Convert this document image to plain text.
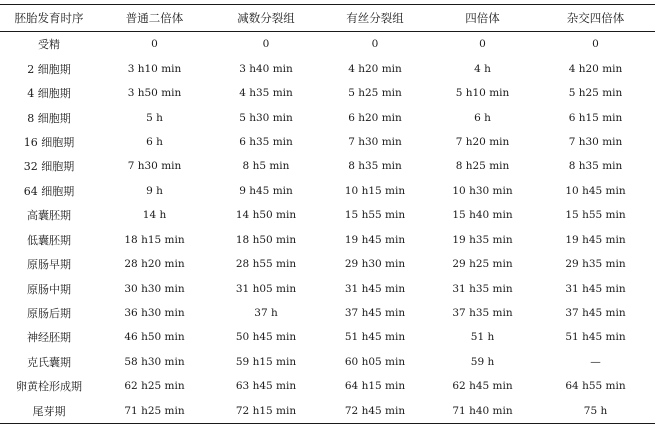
胚胎发育时序	普通二倍体	减数分裂组	有丝分裂组	四倍体	杂交四倍体
受精	0	0	0	0	0
2 细胞期	3 h10 min	3 h40 min	4 h20 min	4 h	4 h20 min
4 细胞期	3 h50 min	4 h35 min	5 h25 min	5 h10 min	5 h25 min
8 细胞期	5 h	5 h30 min	6 h20 min	6 h	6 h15 min
16 细胞期	6 h	6 h35 min	7 h30 min	7 h20 min	7 h30 min
32 细胞期	7 h30 min	8 h5 min	8 h35 min	8 h25 min	8 h35 min
64 细胞期	9 h	9 h45 min	10 h15 min	10 h30 min	10 h45 min
高囊胚期	14 h	14 h50 min	15 h55 min	15 h40 min	15 h55 min
低囊胚期	18 h15 min	18 h50 min	19 h45 min	19 h35 min	19 h45 min
原肠早期	28 h20 min	28 h55 min	29 h30 min	29 h25 min	29 h35 min
原肠中期	30 h30 min	31 h05 min	31 h45 min	31 h35 min	31 h45 min
原肠后期	36 h30 min	37 h	37 h45 min	37 h35 min	37 h45 min
神经胚期	46 h50 min	50 h45 min	51 h45 min	51 h	51 h45 min
克氏囊期	58 h30 min	59 h15 min	60 h05 min	59 h	—
卵黄栓形成期	62 h25 min	63 h45 min	64 h15 min	62 h45 min	64 h55 min
尾芽期	71 h25 min	72 h15 min	72 h45 min	71 h40 min	75 h
